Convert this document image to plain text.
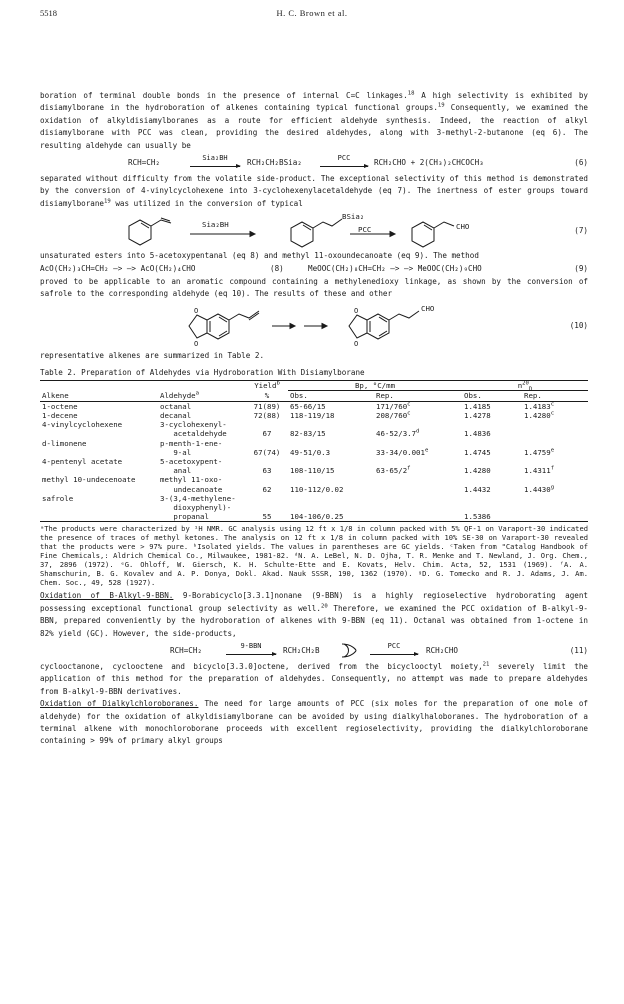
5518	H. C. Brown et al.

boration of terminal double bonds in the presence of internal C=C linkages.$^{18}$ A high selectivity is exhibited by disiamylborane in the hydroboration of alkenes containing typical functional groups.$^{19}$ Consequently, we examined the oxidation of alkyldisiamylboranes as a route for efficient aldehyde synthesis. Indeed, the reaction of alkyl disiamylborane with PCC was clean, providing the desired aldehydes, along with 3-methyl-2-butanone (eq 6). The resulting aldehyde can usually be

RCH=CH₂	Sia₂BH	RCH₂CH₂BSia₂	PCC	RCH₂CHO + 2(CH₃)₂CHCOCH₃	(6)

separated without difficulty from the volatile side-product. The exceptional selectivity of this method is demonstrated by the conversion of 4-vinylcyclohexene into 3-cyclohexenylacetaldehyde (eq 7). The inertness of ester groups toward disiamylborane$^{19}$ was utilized in the conversion of typical

Sia₂BH
BSia₂
PCC	CHO	(7)

unsaturated esters into 5-acetoxypentanal (eq 8) and methyl 11-oxoundecanoate (eq 9). The method

AcO(CH₂)₃CH=CH₂ —> —> AcO(CH₂)₄CHO	(8)	MeOOC(CH₂)₈CH=CH₂ —> —> MeOOC(CH₂)₉CHO	(9)

proved to be applicable to an aromatic compound containing a methylenedioxy linkage, as shown by the conversion of safrole to the corresponding aldehyde (eq 10). The results of these and other

O
O
O
O
CHO
(10)

representative alkenes are summarized in Table 2.

Table 2. Preparation of Aldehydes via Hydroboration With Disiamylborane
		Yield$^b$	Bp, °C/mm		$n^{20}_D$
Alkene	Aldehyde$^a$	%	Obs.	Rep.	Obs.	Rep.
1-octene	octanal	71(89)	65-66/15	171/760$^c$	1.4185	1.4183$^c$
1-decene	decanal	72(88)	118-119/18	208/760$^c$	1.4278	1.4280$^c$
4-vinylcyclohexene	3-cyclohexenyl-					
	acetaldehyde	67	82-83/15	46-52/3.7$^d$	1.4836	
d-limonene	p-menth-1-ene-					
	9-al	67(74)	49-51/0.3	33-34/0.001e	1.4745	1.4759e
4-pentenyl acetate	5-acetoxypent-					
	anal	63	108-110/15	63-65/2$^f$	1.4280	1.4311$^f$
methyl 10-undecenoate	methyl 11-oxo-					
	undecanoate	62	110-112/0.02		1.4432	1.4430$^g$
safrole	3-(3,4-methylene-					
	dioxyphenyl)-					
	propanal	55	104-106/0.25		1.5386	
ᵃThe products were characterized by ¹H NMR. GC analysis using 12 ft x 1/8 in column packed with 5% QF-1 on Varaport-30 indicated the presence of traces of methyl ketones. The analysis on 12 ft x 1/8 in column packed with 10% SE-30 on Varaport-30 revealed that the products were > 97% pure. ᵇIsolated yields. The values in parentheses are GC yields. ᶜTaken from "Catalog Handbook of Fine Chemicals,: Aldrich Chemical Co., Milwaukee, 1981-82. ᵈN. A. LeBel, N. D. Ojha, T. R. Menke and T. Newland, J. Org. Chem., 37, 2896 (1972). ᵉG. Ohloff, W. Giersch, K. H. Schulte-Ette and E. Kovats, Helv. Chim. Acta, 52, 1531 (1969). ᶠA. A. Shamschurin, B. G. Kovalev and A. P. Donya, Dokl. Akad. Nauk SSSR, 190, 1362 (1970). ᵍD. G. Tomecko and R. J. Adams, J. Am. Chem. Soc., 49, 528 (1927).

Oxidation of B-Alkyl-9-BBN. 9-Borabicyclo[3.3.1]nonane (9-BBN) is a highly regioselective hydroborating agent possessing exceptional functional group selectivity as well.$^{20}$ Therefore, we examined the PCC oxidation of B-alkyl-9-BBN, prepared conveniently by the hydroboration of alkenes with 9-BBN (eq 11). Octanal was obtained from 1-octene in 82% yield (GC). However, the side-products,

RCH=CH₂	9-BBN	RCH₂CH₂B	PCC	RCH₂CHO	(11)

cyclooctanone, cyclooctene and bicyclo[3.3.0]octene, derived from the bicyclooctyl moiety,$^{21}$ severely limit the application of this method for the preparation of aldehydes. Consequently, no attempt was made to prepare aldehydes from B-alkyl-9-BBN derivatives.

Oxidation of Dialkylchloroboranes. The need for large amounts of PCC (six moles for the preparation of one mole of aldehyde) for the oxidation of alkyldisiamylborane can be avoided by using dialkylhaloboranes. The hydroboration of a terminal alkene with monochloroborane proceeds with excellent regioselectivity, providing the dialkylchloroborane containing > 99% of primary alkyl groups
